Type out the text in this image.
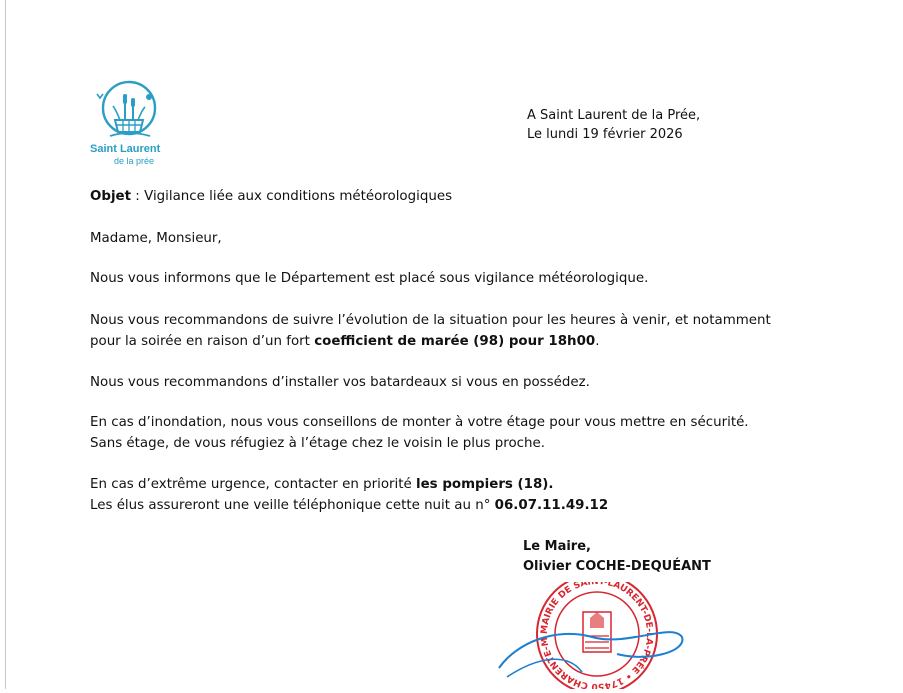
Saint Laurent
de la prée
A Saint Laurent de la Prée,
Le lundi 19 février 2026
Objet : Vigilance liée aux conditions météorologiques
Madame, Monsieur,
Nous vous informons que le Département est placé sous vigilance météorologique.
Nous vous recommandons de suivre l’évolution de la situation pour les heures à venir, et notamment
pour la soirée en raison d’un fort coefficient de marée (98) pour 18h00.
Nous vous recommandons d’installer vos batardeaux si vous en possédez.
En cas d’inondation, nous vous conseillons de monter à votre étage pour vous mettre en sécurité.
Sans étage, de vous réfugiez à l’étage chez le voisin le plus proche.
En cas d’extrême urgence, contacter en priorité les pompiers (18).
Les élus assureront une veille téléphonique cette nuit au n° 06.07.11.49.12
Le Maire,
Olivier COCHE-DEQUÉANT
MAIRIE DE SAINT-LAURENT-DE-LA-PRÉE • 17450 CHARENTE-M
